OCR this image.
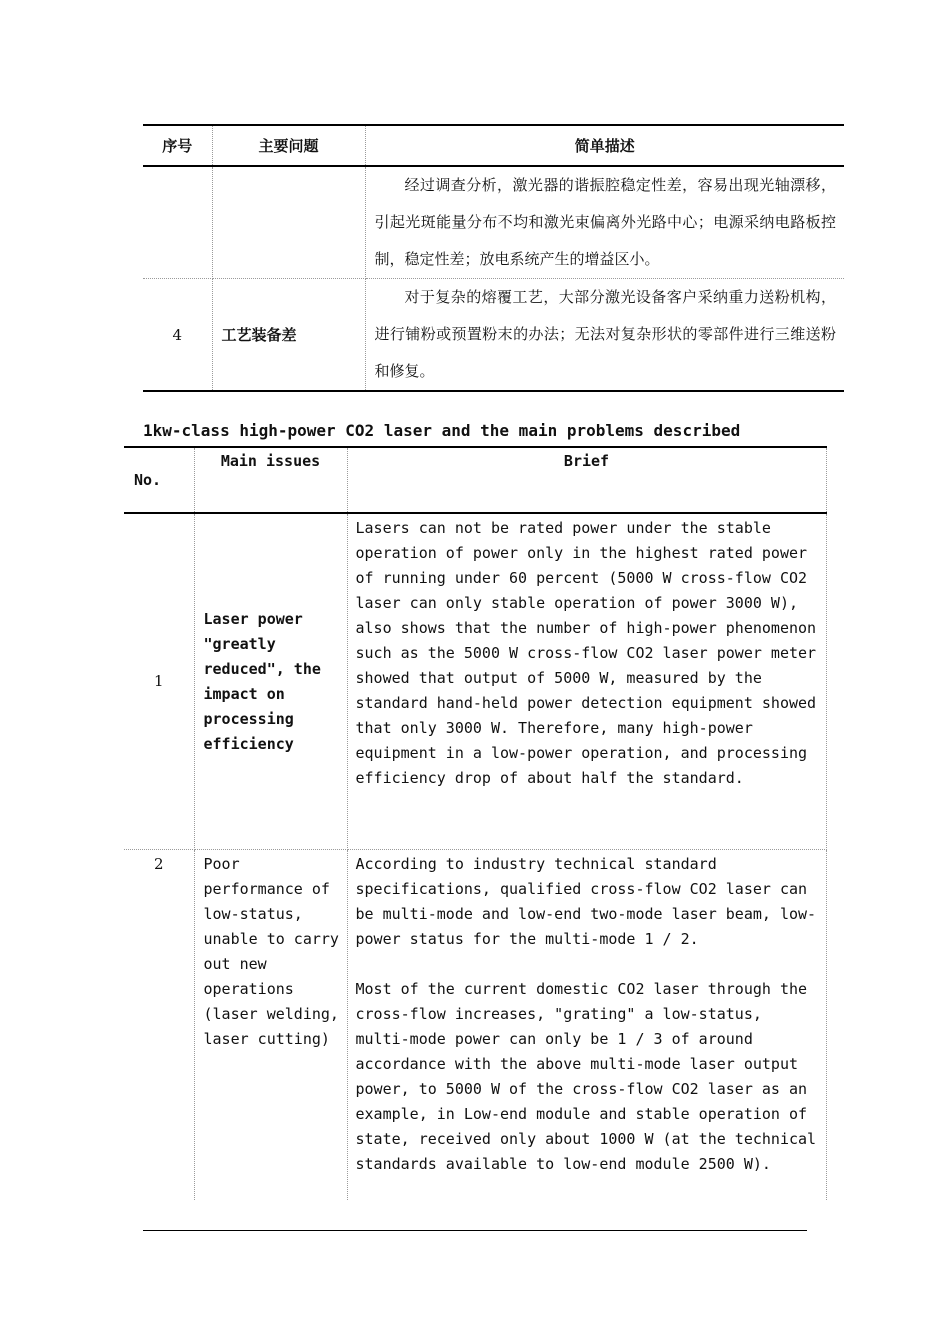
序号	主要问题	简单描述
		经过调查分析，激光器的谐振腔稳定性差，容易出现光轴漂移，引起光斑能量分布不均和激光束偏离外光路中心；电源采纳电路板控制，稳定性差；放电系统产生的增益区小。
4	工艺装备差	对于复杂的熔覆工艺，大部分激光设备客户采纳重力送粉机构，进行铺粉或预置粉末的办法；无法对复杂形状的零部件进行三维送粉和修复。
1kw-class high-power CO2 laser and the main problems described
No.	Main issues	Brief
1	Laser power "greatly reduced", the impact on processing efficiency	Lasers can not be rated power under the stable operation of power only in the highest rated power of running under 60 percent (5000 W cross-flow CO2 laser can only stable operation of power 3000 W), also shows that the number of high-power phenomenon such as the 5000 W cross-flow CO2 laser power meter showed that output of 5000 W, measured by the standard hand-held power detection equipment showed that only 3000 W. Therefore, many high-power equipment in a low-power operation, and processing efficiency drop of about half the standard.
2	Poor performance of low-status, unable to carry out new operations (laser welding, laser cutting)	According to industry technical standard specifications, qualified cross-flow CO2 laser can be multi-mode and low-end two-mode laser beam, low-power status for the multi-mode 1 / 2.
Most of the current domestic CO2 laser through the cross-flow increases, "grating" a low-status, multi-mode power can only be 1 / 3 of around accordance with the above multi-mode laser output power, to 5000 W of the cross-flow CO2 laser as an example, in Low-end module and stable operation of state, received only about 1000 W (at the technical standards available to low-end module 2500 W).
